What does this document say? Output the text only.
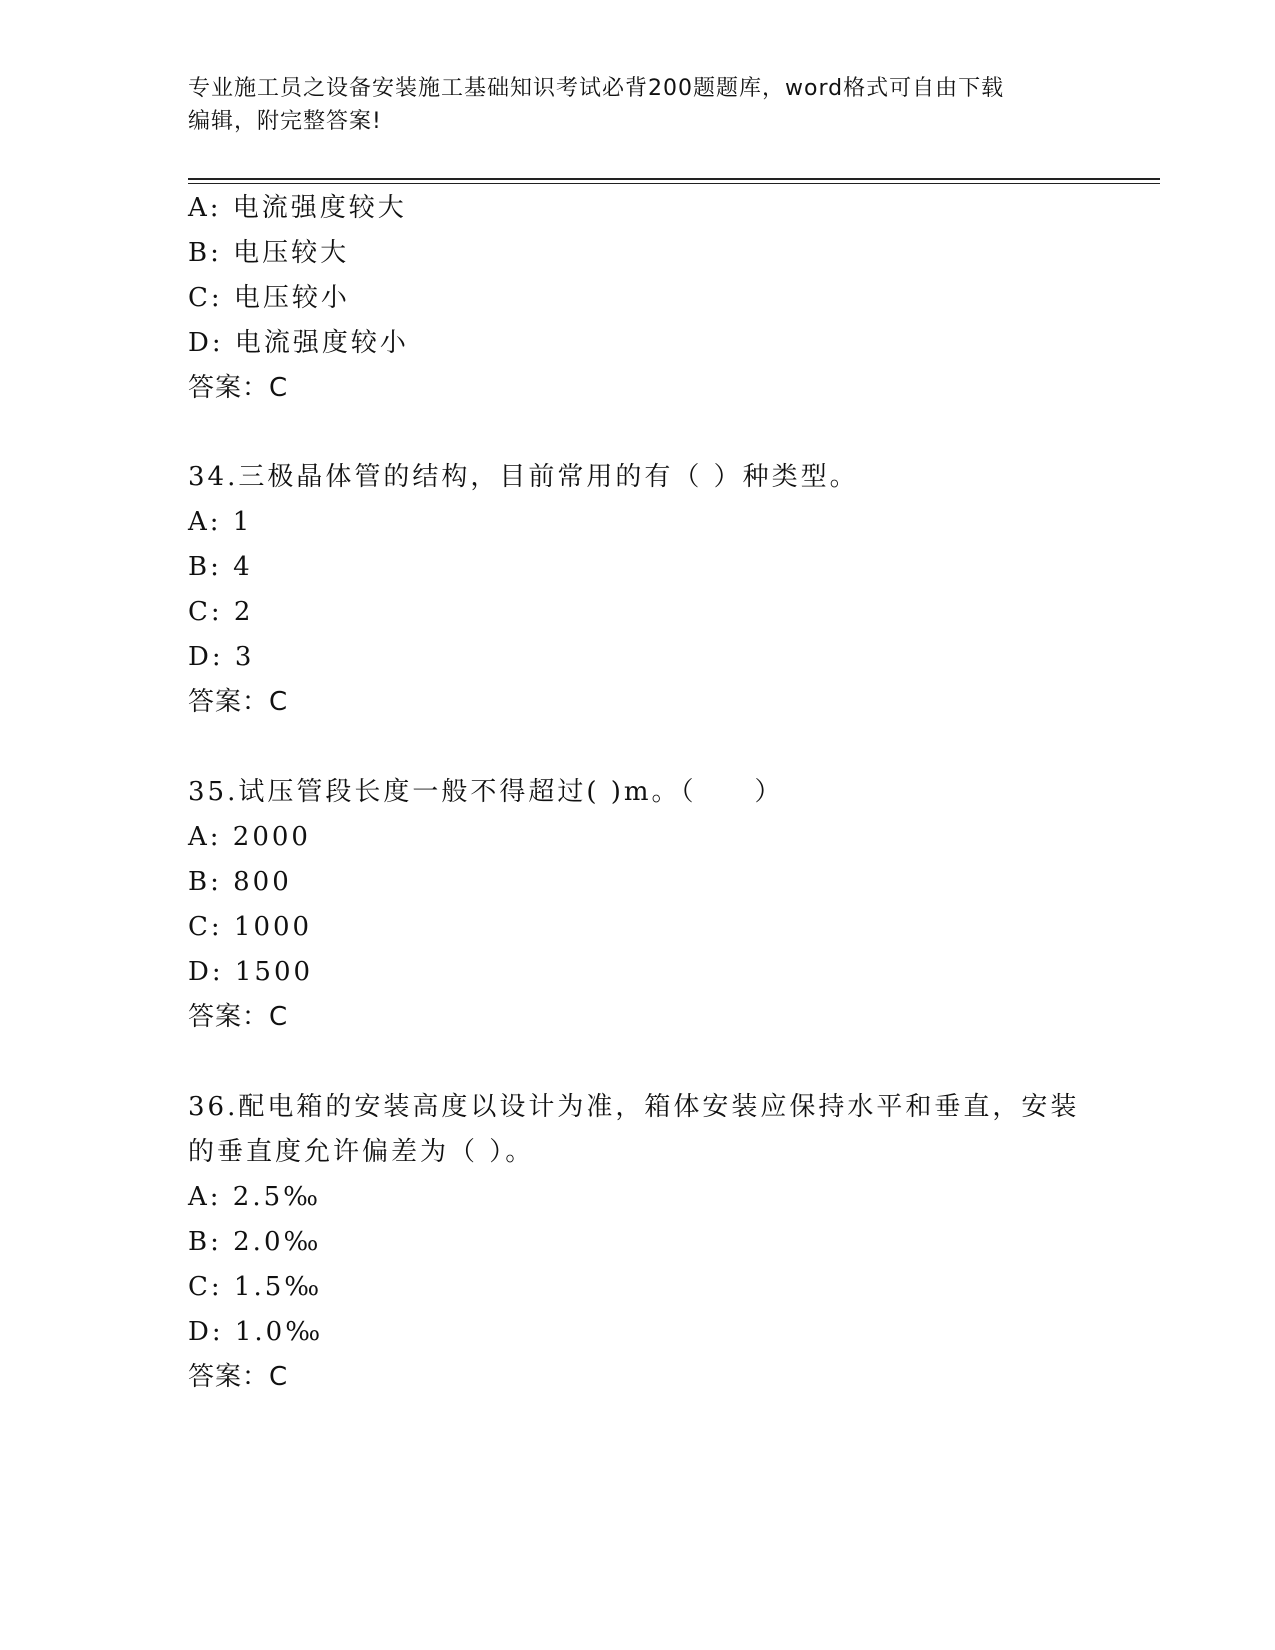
专业施工员之设备安装施工基础知识考试必背200题题库，word格式可自由下载
编辑，附完整答案!
A: 电流强度较大
B: 电压较大
C: 电压较小
D: 电流强度较小
答案：C
34.三极晶体管的结构，目前常用的有（ ）种类型。
A: 1
B: 4
C: 2
D: 3
答案：C
35.试压管段长度一般不得超过( )m。（　　）
A: 2000
B: 800
C: 1000
D: 1500
答案：C
36.配电箱的安装高度以设计为准，箱体安装应保持水平和垂直，安装
的垂直度允许偏差为（ ）。
A: 2.5‰
B: 2.0‰
C: 1.5‰
D: 1.0‰
答案：C
